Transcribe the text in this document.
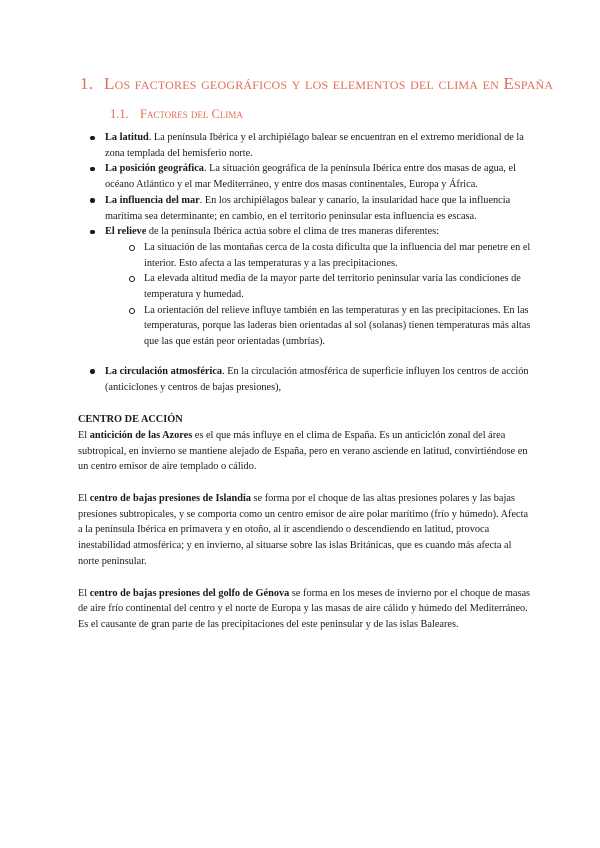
1. Los factores geográficos y los elementos del clima en España
1.1. Factores del Clima
La latitud. La península Ibérica y el archipiélago balear se encuentran en el extremo meridional de la zona templada del hemisferio norte.
La posición geográfica. La situación geográfica de la península Ibérica entre dos masas de agua, el océano Atlántico y el mar Mediterráneo, y entre dos masas continentales, Europa y África.
La influencia del mar. En los archipiélagos balear y canario, la insularidad hace que la influencia marítima sea determinante; en cambio, en el territorio peninsular esta influencia es escasa.
El relieve de la península Ibérica actúa sobre el clima de tres maneras diferentes:
La situación de las montañas cerca de la costa dificulta que la influencia del mar penetre en el interior. Esto afecta a las temperaturas y a las precipitaciones.
La elevada altitud media de la mayor parte del territorio peninsular varía las condiciones de temperatura y humedad.
La orientación del relieve influye también en las temperaturas y en las precipitaciones. En las temperaturas, porque las laderas bien orientadas al sol (solanas) tienen temperaturas más altas que las que están peor orientadas (umbrías).
La circulación atmosférica. En la circulación atmosférica de superficie influyen los centros de acción (anticiclones y centros de bajas presiones),
CENTRO DE ACCIÓN

El anticición de las Azores es el que más influye en el clima de España. Es un anticiclón zonal del área subtropical, en invierno se mantiene alejado de España, pero en verano asciende en latitud, convirtiéndose en un centro emisor de aire templado o cálido.

El centro de bajas presiones de Islandia se forma por el choque de las altas presiones polares y las bajas presiones subtropicales, y se comporta como un centro emisor de aire polar marítimo (frío y húmedo). Afecta a la península Ibérica en primavera y en otoño, al ir ascendiendo o descendiendo en latitud, provoca inestabilidad atmosférica; y en invierno, al situarse sobre las islas Británicas, que es cuando más afecta al norte peninsular.

El centro de bajas presiones del golfo de Génova se forma en los meses de invierno por el choque de masas de aire frío continental del centro y el norte de Europa y las masas de aire cálido y húmedo del Mediterráneo. Es el causante de gran parte de las precipitaciones del este peninsular y de las islas Baleares.
